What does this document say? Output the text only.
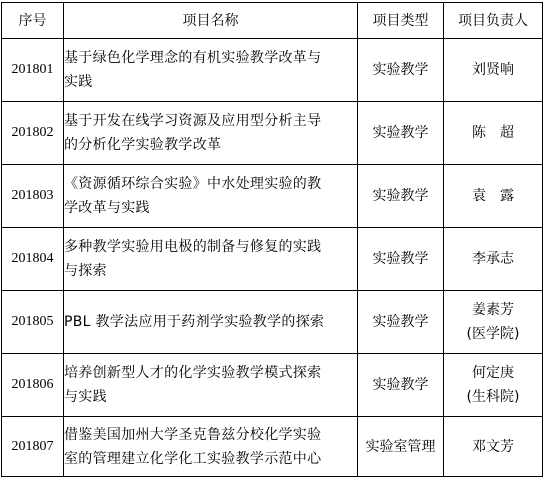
序号	项目名称	项目类型	项目负责人
201801	基于绿色化学理念的有机实验教学改革与
实践	实验教学	刘贤响

201802	基于开发在线学习资源及应用型分析主导
的分析化学实验教学改革	实验教学	陈　超

201803	《资源循环综合实验》中水处理实验的教
学改革与实践	实验教学	袁　露

201804	多种教学实验用电极的制备与修复的实践
与探索	实验教学	李承志

201805	PBL 教学法应用于药剂学实验教学的探索	实验教学	姜素芳
(医学院)

201806	培养创新型人才的化学实验教学模式探索
与实践	实验教学	何定庚
(生科院)

201807	借鉴美国加州大学圣克鲁兹分校化学实验
室的管理建立化学化工实验教学示范中心	实验室管理	邓文芳
